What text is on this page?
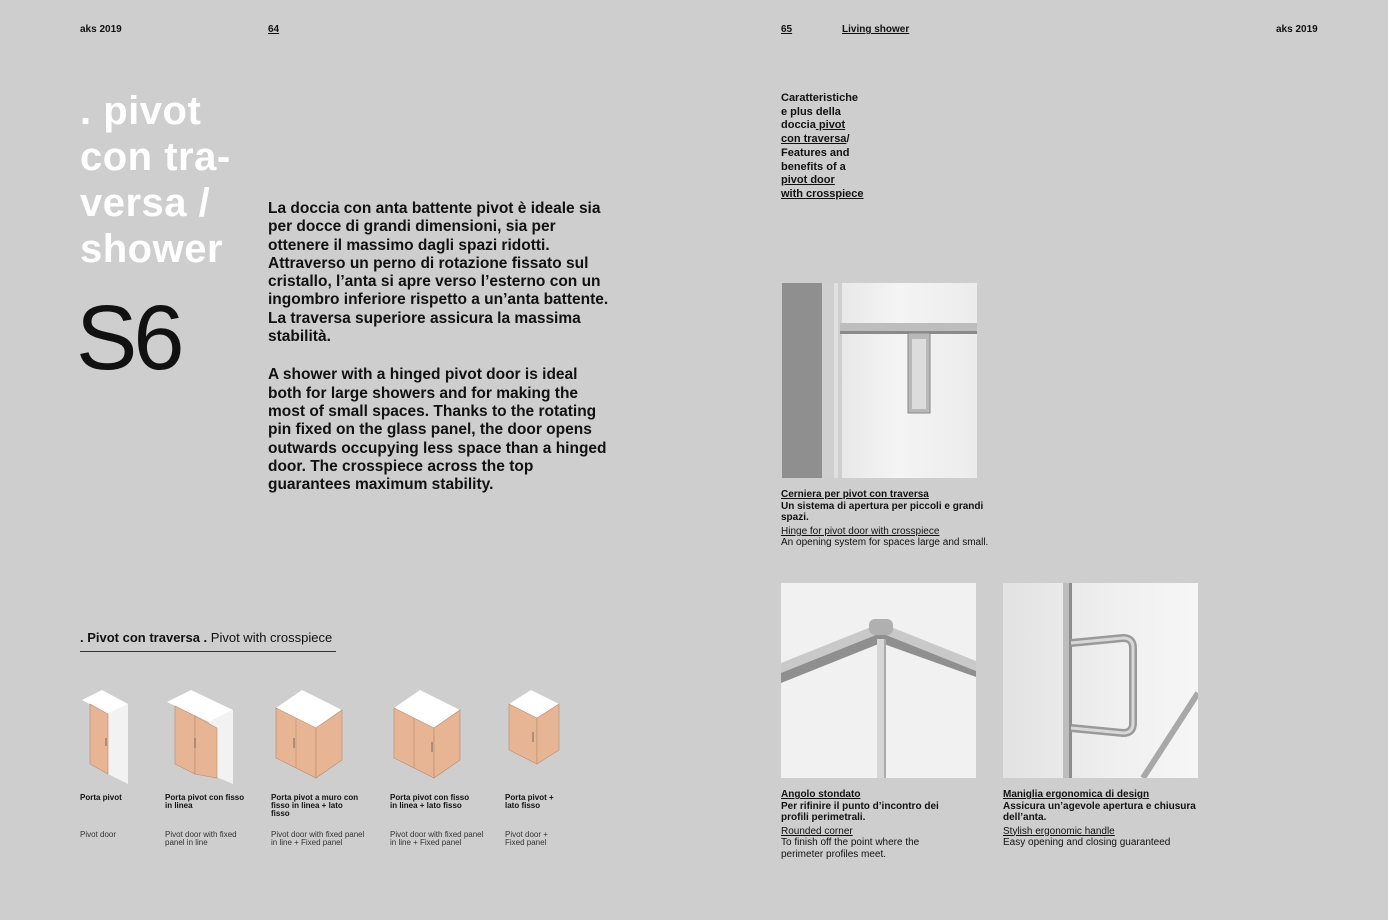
aks 2019	64	65	Living shower	aks 2019
. pivot
con tra-
versa /
shower
S6

La doccia con anta battente pivot è ideale sia per docce di grandi dimensioni, sia per ottenere il massimo dagli spazi ridotti. Attraverso un perno di rotazione fissato sul cristallo, l’anta si apre verso l’esterno con un ingombro inferiore rispetto a un’anta battente. La traversa superiore assicura la massima stabilità.

A shower with a hinged pivot door is ideal both for large showers and for making the most of small spaces. Thanks to the rotating pin fixed on the glass panel, the door opens outwards occupying less space than a hinged door. The crosspiece across the top guarantees maximum stability.

. Pivot con traversa . Pivot with crosspiece
Porta pivot
Pivot door
Porta pivot con fisso in linea
Pivot door with fixed panel in line
Porta pivot a muro con fisso in linea + lato fisso
Pivot door with fixed panel in line + Fixed panel
Porta pivot con fisso in linea + lato fisso
Pivot door with fixed panel in line + Fixed panel
Porta pivot + lato fisso
Pivot door + Fixed panel
Caratteristiche
e plus della
doccia pivot
con traversa/
Features and
benefits of a
pivot door
with crosspiece
Cerniera per pivot con traversa
Un sistema di apertura per piccoli e grandi spazi.
Hinge for pivot door with crosspiece
An opening system for spaces large and small.
Angolo stondato
Per rifinire il punto d’incontro dei profili perimetrali.
Rounded corner
To finish off the point where the perimeter profiles meet.
Maniglia ergonomica di design
Assicura un’agevole apertura e chiusura dell’anta.
Stylish ergonomic handle
Easy opening and closing guaranteed
